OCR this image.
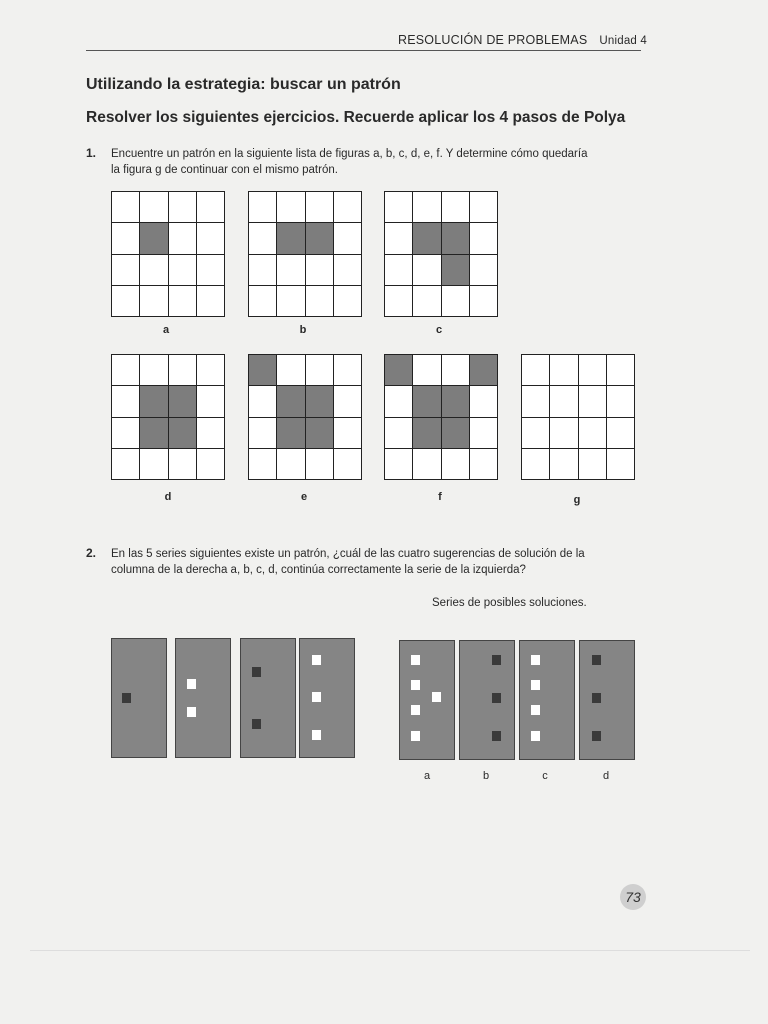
RESOLUCIÓN DE PROBLEMAS Unidad 4
Utilizando la estrategia: buscar un patrón
Resolver los siguientes ejercicios. Recuerde aplicar los 4 pasos de Polya
1. Encuentre un patrón en la siguiente lista de figuras a, b, c, d, e, f. Y determine cómo quedaría
la figura g de continuar con el mismo patrón.
a	b	c
d	e	f	g
2. En las 5 series siguientes existe un patrón, ¿cuál de las cuatro sugerencias de solución de la
columna de la derecha a, b, c, d, continúa correctamente la serie de la izquierda?
Series de posibles soluciones.
a	b	c	d
73
